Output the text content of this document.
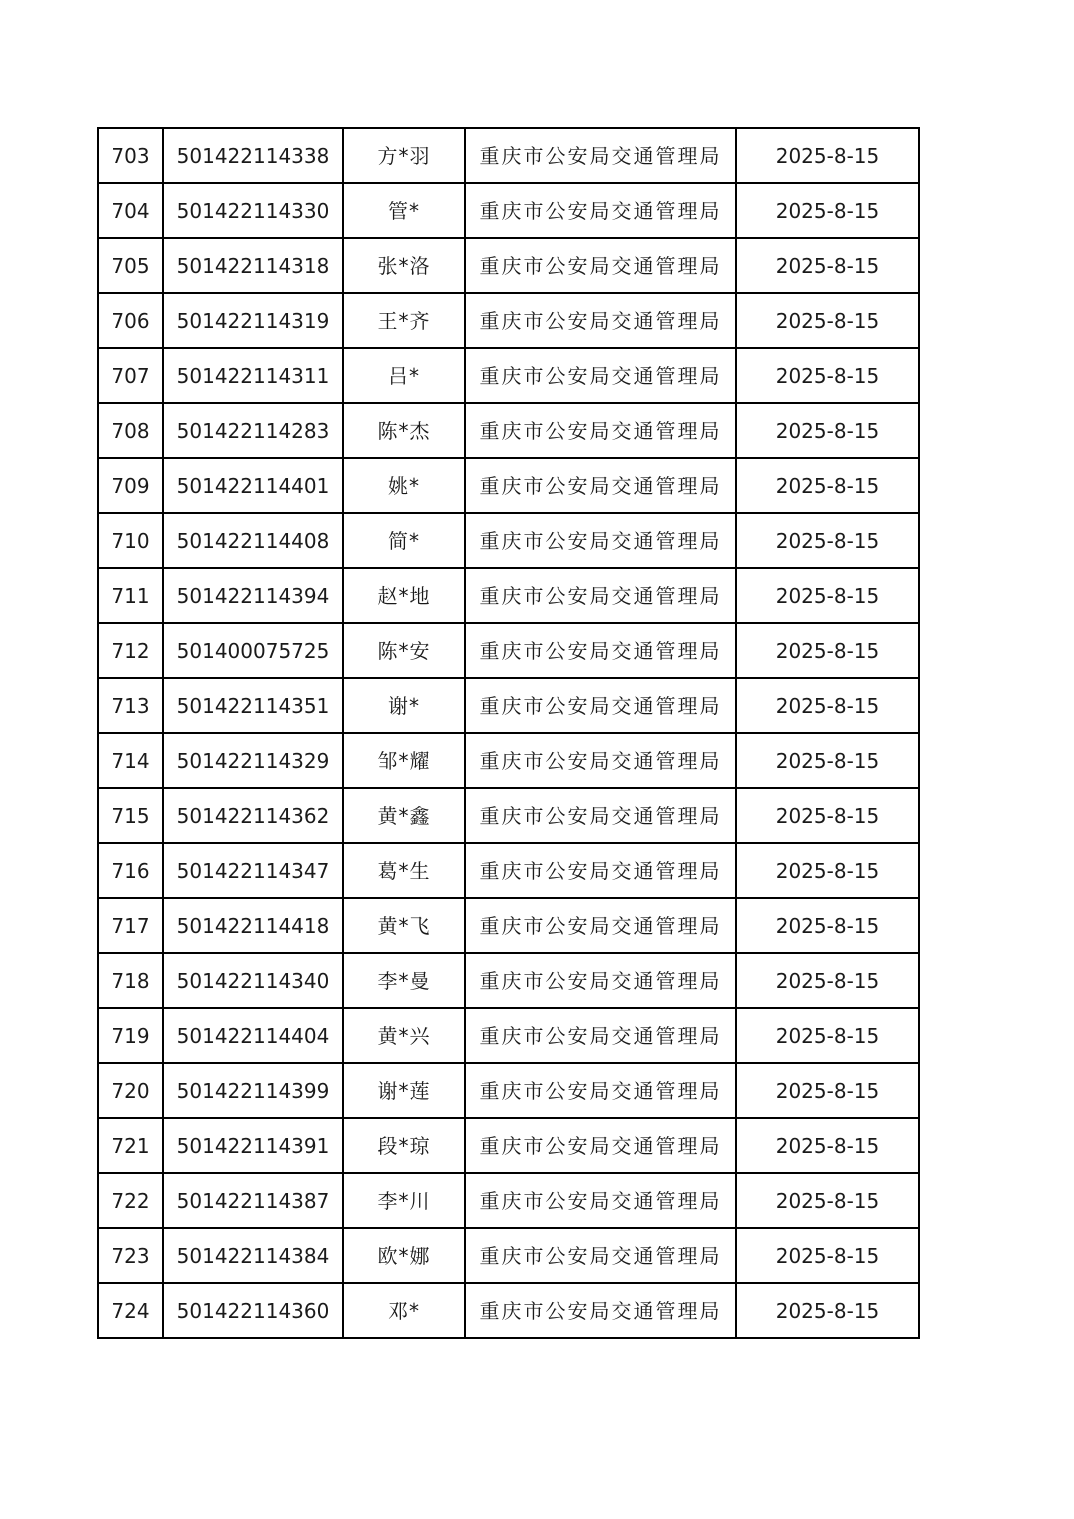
703	501422114338	方*羽	重庆市公安局交通管理局	2025-8-15
704	501422114330	管*	重庆市公安局交通管理局	2025-8-15
705	501422114318	张*洛	重庆市公安局交通管理局	2025-8-15
706	501422114319	王*齐	重庆市公安局交通管理局	2025-8-15
707	501422114311	吕*	重庆市公安局交通管理局	2025-8-15
708	501422114283	陈*杰	重庆市公安局交通管理局	2025-8-15
709	501422114401	姚*	重庆市公安局交通管理局	2025-8-15
710	501422114408	简*	重庆市公安局交通管理局	2025-8-15
711	501422114394	赵*地	重庆市公安局交通管理局	2025-8-15
712	501400075725	陈*安	重庆市公安局交通管理局	2025-8-15
713	501422114351	谢*	重庆市公安局交通管理局	2025-8-15
714	501422114329	邹*耀	重庆市公安局交通管理局	2025-8-15
715	501422114362	黄*鑫	重庆市公安局交通管理局	2025-8-15
716	501422114347	葛*生	重庆市公安局交通管理局	2025-8-15
717	501422114418	黄*飞	重庆市公安局交通管理局	2025-8-15
718	501422114340	李*曼	重庆市公安局交通管理局	2025-8-15
719	501422114404	黄*兴	重庆市公安局交通管理局	2025-8-15
720	501422114399	谢*莲	重庆市公安局交通管理局	2025-8-15
721	501422114391	段*琼	重庆市公安局交通管理局	2025-8-15
722	501422114387	李*川	重庆市公安局交通管理局	2025-8-15
723	501422114384	欧*娜	重庆市公安局交通管理局	2025-8-15
724	501422114360	邓*	重庆市公安局交通管理局	2025-8-15
